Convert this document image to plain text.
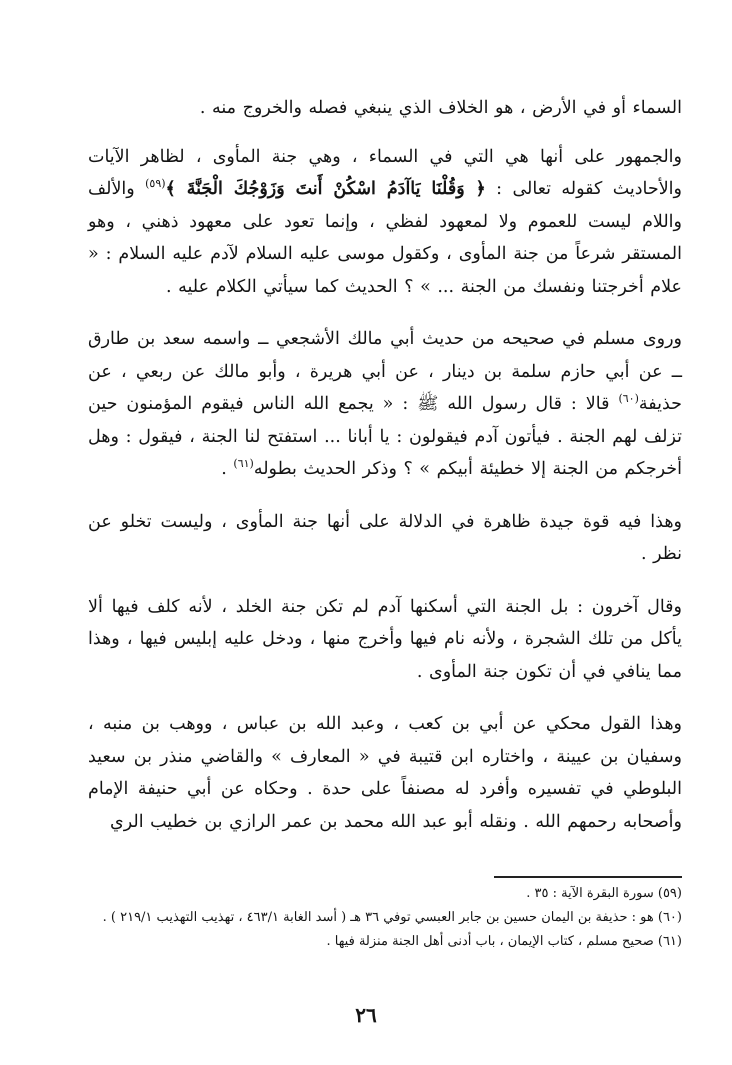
السماء أو في الأرض ، هو الخلاف الذي ينبغي فصله والخروج منه .

والجمهور على أنها هي التي في السماء ، وهي جنة المأوى ، لظاهر الآيات والأحاديث كقوله تعالى : ﴿ وَقُلْنَا يَاآدَمُ اسْكُنْ أَنتَ وَزَوْجُكَ الْجَنَّةَ ﴾$^{(٥٩)}$ والألف واللام ليست للعموم ولا لمعهود لفظي ، وإنما تعود على معهود ذهني ، وهو المستقر شرعاً من جنة المأوى ، وكقول موسى عليه السلام لآدم عليه السلام : « علام أخرجتنا ونفسك من الجنة ... » ؟ الحديث كما سيأتي الكلام عليه .

وروى مسلم في صحيحه من حديث أبي مالك الأشجعي ــ واسمه سعد بن طارق ــ عن أبي حازم سلمة بن دينار ، عن أبي هريرة ، وأبو مالك عن ربعي ، عن حذيفة$^{(٦٠)}$ قالا : قال رسول الله ﷺ : « يجمع الله الناس فيقوم المؤمنون حين تزلف لهم الجنة . فيأتون آدم فيقولون : يا أبانا ... استفتح لنا الجنة ، فيقول : وهل أخرجكم من الجنة إلا خطيئة أبيكم » ؟ وذكر الحديث بطوله$^{(٦١)}$ .

وهذا فيه قوة جيدة ظاهرة في الدلالة على أنها جنة المأوى ، وليست تخلو عن نظر .

وقال آخرون : بل الجنة التي أسكنها آدم لم تكن جنة الخلد ، لأنه كلف فيها ألا يأكل من تلك الشجرة ، ولأنه نام فيها وأخرج منها ، ودخل عليه إبليس فيها ، وهذا مما ينافي في أن تكون جنة المأوى .

وهذا القول محكي عن أبي بن كعب ، وعبد الله بن عباس ، ووهب بن منبه ، وسفيان بن عيينة ، واختاره ابن قتيبة في « المعارف » والقاضي منذر بن سعيد البلوطي في تفسيره وأفرد له مصنفاً على حدة . وحكاه عن أبي حنيفة الإمام وأصحابه رحمهم الله . ونقله أبو عبد الله محمد بن عمر الرازي بن خطيب الري

(٥٩) سورة البقرة الآية : ٣٥ .

(٦٠) هو : حذيفة بن اليمان حسين بن جابر العبسي توفي ٣٦ هـ ( أسد الغابة ٤٦٣/١ ، تهذيب التهذيب ٢١٩/١ ) .

(٦١) صحيح مسلم ، كتاب الإيمان ، باب أدنى أهل الجنة منزلة فيها .

٢٦
